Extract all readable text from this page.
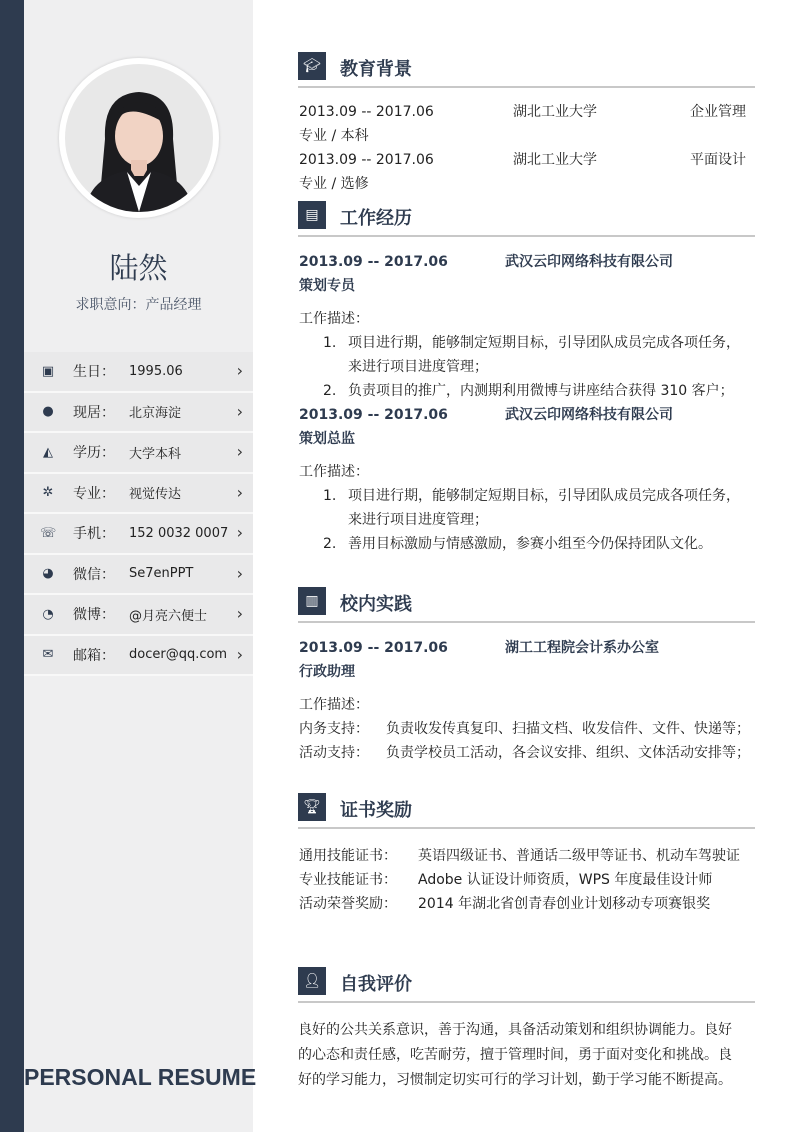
陆然
求职意向：产品经理
▣ 生日：	1995.06	›
● 现居：	北京海淀	›
◭ 学历：	大学本科	›
✲ 专业：	视觉传达	›
☏ 手机：	152 0032 0007 ›
◕ 微信：	Se7enPPT	›
◔ 微博：	@月亮六便士 ›
✉ 邮箱：	docer@qq.com ›
PERSONAL RESUME
🎓︎ 教育背景
2013.09 -- 2017.06	湖北工业大学	企业管理
专业 / 本科
2013.09 -- 2017.06	湖北工业大学	平面设计
专业 / 选修
▤	工作经历
2013.09 -- 2017.06	武汉云印网络科技有限公司
策划专员
工作描述：
1.
2.
项目进行期，能够制定短期目标，引导团队成员完成各项任务，
来进行项目进度管理；
负责项目的推广，内测期利用微博与讲座结合获得 310 客户；
2013.09 -- 2017.06	武汉云印网络科技有限公司
策划总监
工作描述：
1.
2.
项目进行期，能够制定短期目标，引导团队成员完成各项任务，
来进行项目进度管理；
善用目标激励与情感激励，参赛小组至今仍保持团队文化。
▥	校内实践
2013.09 -- 2017.06	湖工工程院会计系办公室
行政助理
工作描述：
内务支持： 负责收发传真复印、扫描文档、收发信件、文件、快递等；
活动支持： 负责学校员工活动，各会议安排、组织、文体活动安排等；
🏆︎ 证书奖励
通用技能证书： 英语四级证书、普通话二级甲等证书、机动车驾驶证
专业技能证书： Adobe 认证设计师资质，WPS 年度最佳设计师
活动荣誉奖励： 2014 年湖北省创青春创业计划移动专项赛银奖
👤︎ 自我评价
良好的公共关系意识，善于沟通，具备活动策划和组织协调能力。良好
的心态和责任感，吃苦耐劳，擅于管理时间，勇于面对变化和挑战。良
好的学习能力，习惯制定切实可行的学习计划，勤于学习能不断提高。
